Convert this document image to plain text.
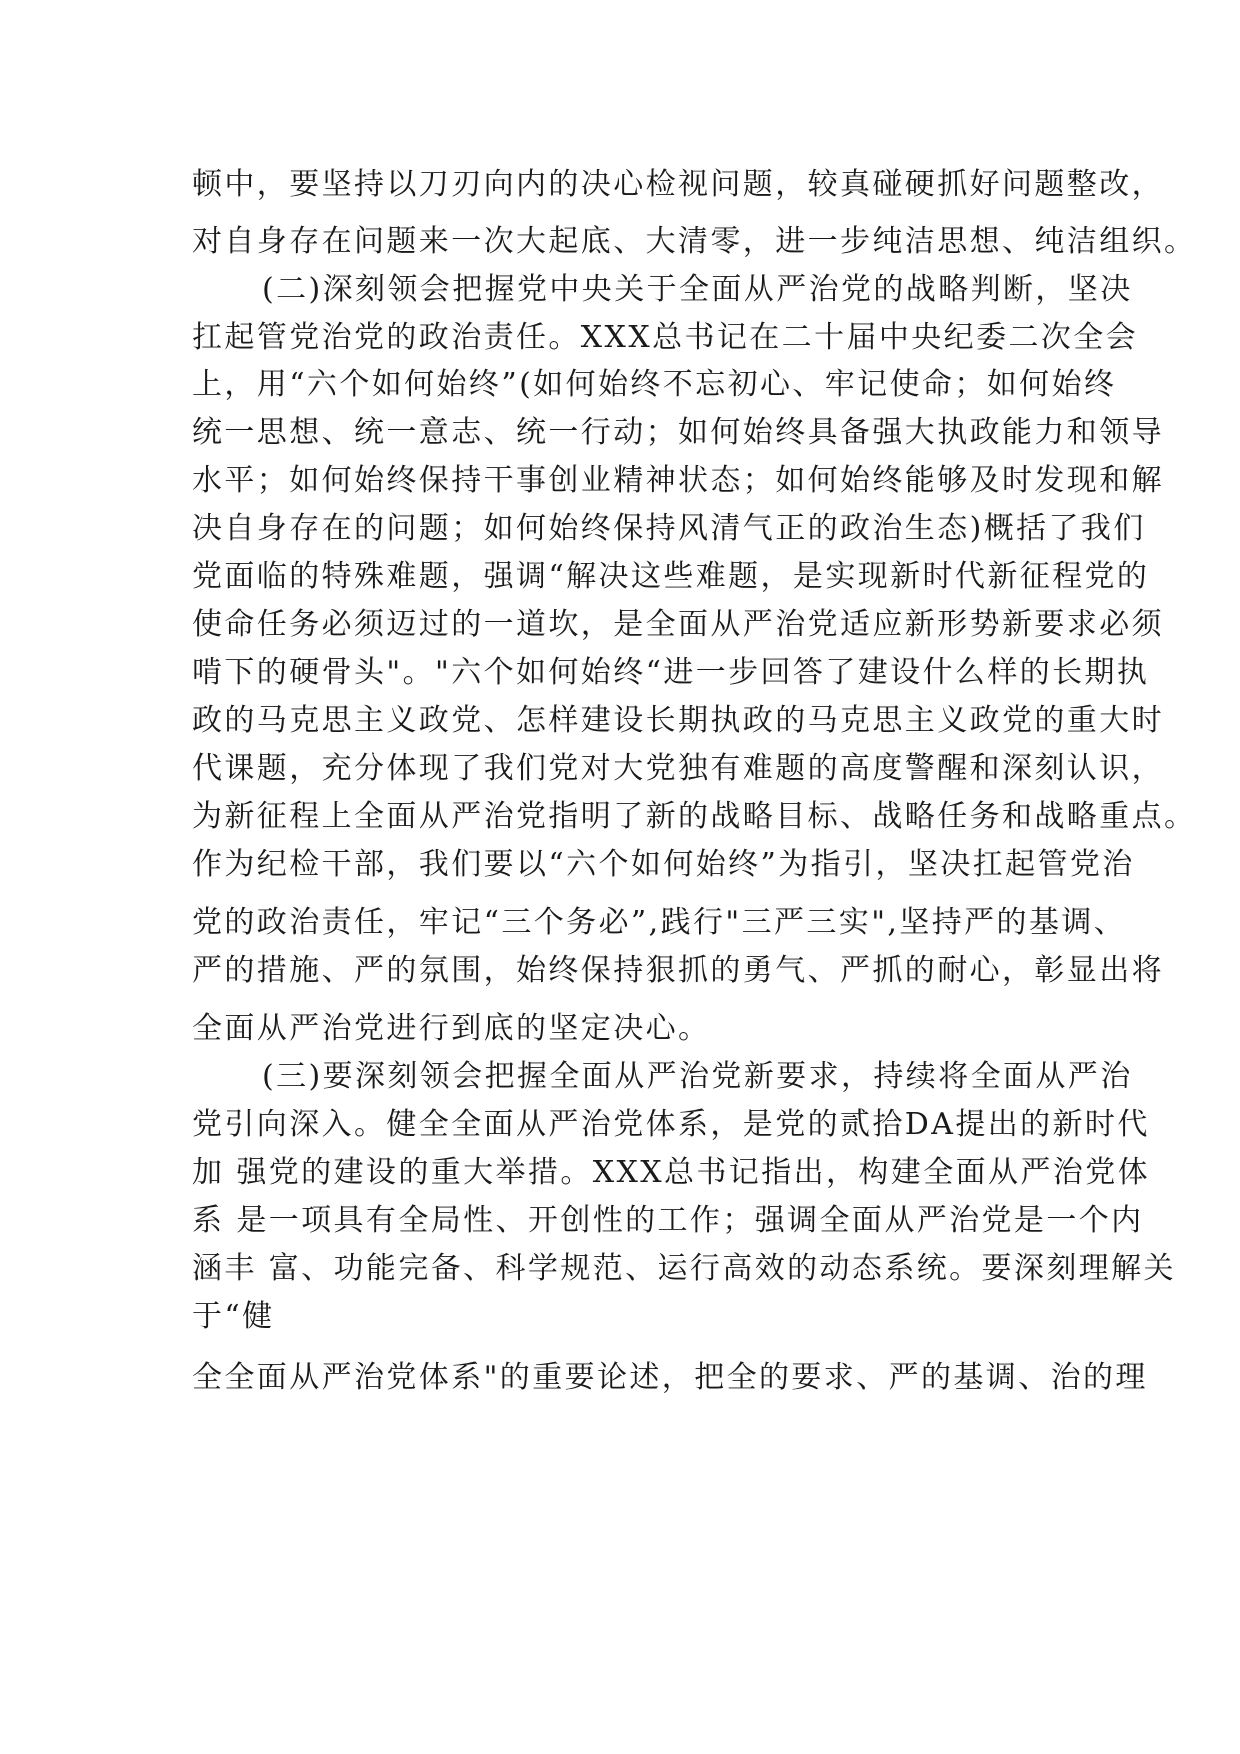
顿中，要坚持以刀刃向内的决心检视问题，较真碰硬抓好问题整改，
对自身存在问题来一次大起底、大清零，进一步纯洁思想、纯洁组织。
(二)深刻领会把握党中央关于全面从严治党的战略判断，坚决
扛起管党治党的政治责任。XXX总书记在二十届中央纪委二次全会
上，用“六个如何始终”(如何始终不忘初心、牢记使命；如何始终
统一思想、统一意志、统一行动；如何始终具备强大执政能力和领导
水平；如何始终保持干事创业精神状态；如何始终能够及时发现和解
决自身存在的问题；如何始终保持风清气正的政治生态)概括了我们
党面临的特殊难题，强调“解决这些难题，是实现新时代新征程党的
使命任务必须迈过的一道坎，是全面从严治党适应新形势新要求必须
啃下的硬骨头"。"六个如何始终“进一步回答了建设什么样的长期执
政的马克思主义政党、怎样建设长期执政的马克思主义政党的重大时
代课题，充分体现了我们党对大党独有难题的高度警醒和深刻认识，
为新征程上全面从严治党指明了新的战略目标、战略任务和战略重点。
作为纪检干部，我们要以“六个如何始终”为指引，坚决扛起管党治
党的政治责任，牢记“三个务必”,践行"三严三实",坚持严的基调、
严的措施、严的氛围，始终保持狠抓的勇气、严抓的耐心，彰显出将
全面从严治党进行到底的坚定决心。
(三)要深刻领会把握全面从严治党新要求，持续将全面从严治
党引向深入。健全全面从严治党体系，是党的贰拾DA提出的新时代
加 强党的建设的重大举措。XXX总书记指出，构建全面从严治党体
系 是一项具有全局性、开创性的工作；强调全面从严治党是一个内
涵丰 富、功能完备、科学规范、运行高效的动态系统。要深刻理解关
于“健
全全面从严治党体系"的重要论述，把全的要求、严的基调、治的理
